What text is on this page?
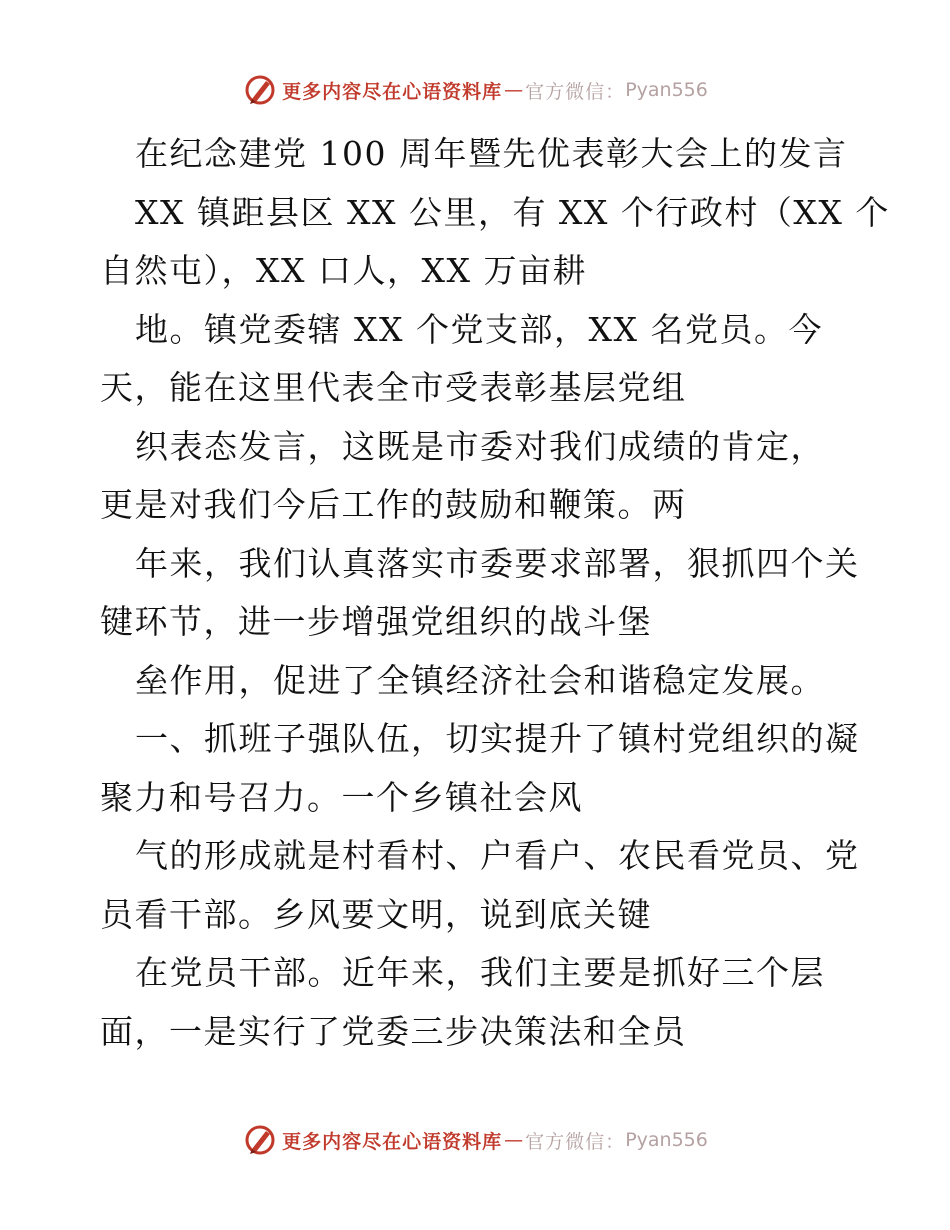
更多内容尽在心语资料库 — 官方微信： Pyan556
在纪念建党 100 周年暨先优表彰大会上的发言
XX 镇距县区 XX 公里，有 XX 个行政村（XX 个
自然屯），XX 口人，XX 万亩耕
地。镇党委辖 XX 个党支部，XX 名党员。今
天，能在这里代表全市受表彰基层党组
织表态发言，这既是市委对我们成绩的肯定，
更是对我们今后工作的鼓励和鞭策。两
年来，我们认真落实市委要求部署，狠抓四个关
键环节，进一步增强党组织的战斗堡
垒作用，促进了全镇经济社会和谐稳定发展。
一、抓班子强队伍，切实提升了镇村党组织的凝
聚力和号召力。一个乡镇社会风
气的形成就是村看村、户看户、农民看党员、党
员看干部。乡风要文明，说到底关键
在党员干部。近年来，我们主要是抓好三个层
面，一是实行了党委三步决策法和全员
更多内容尽在心语资料库 — 官方微信： Pyan556
